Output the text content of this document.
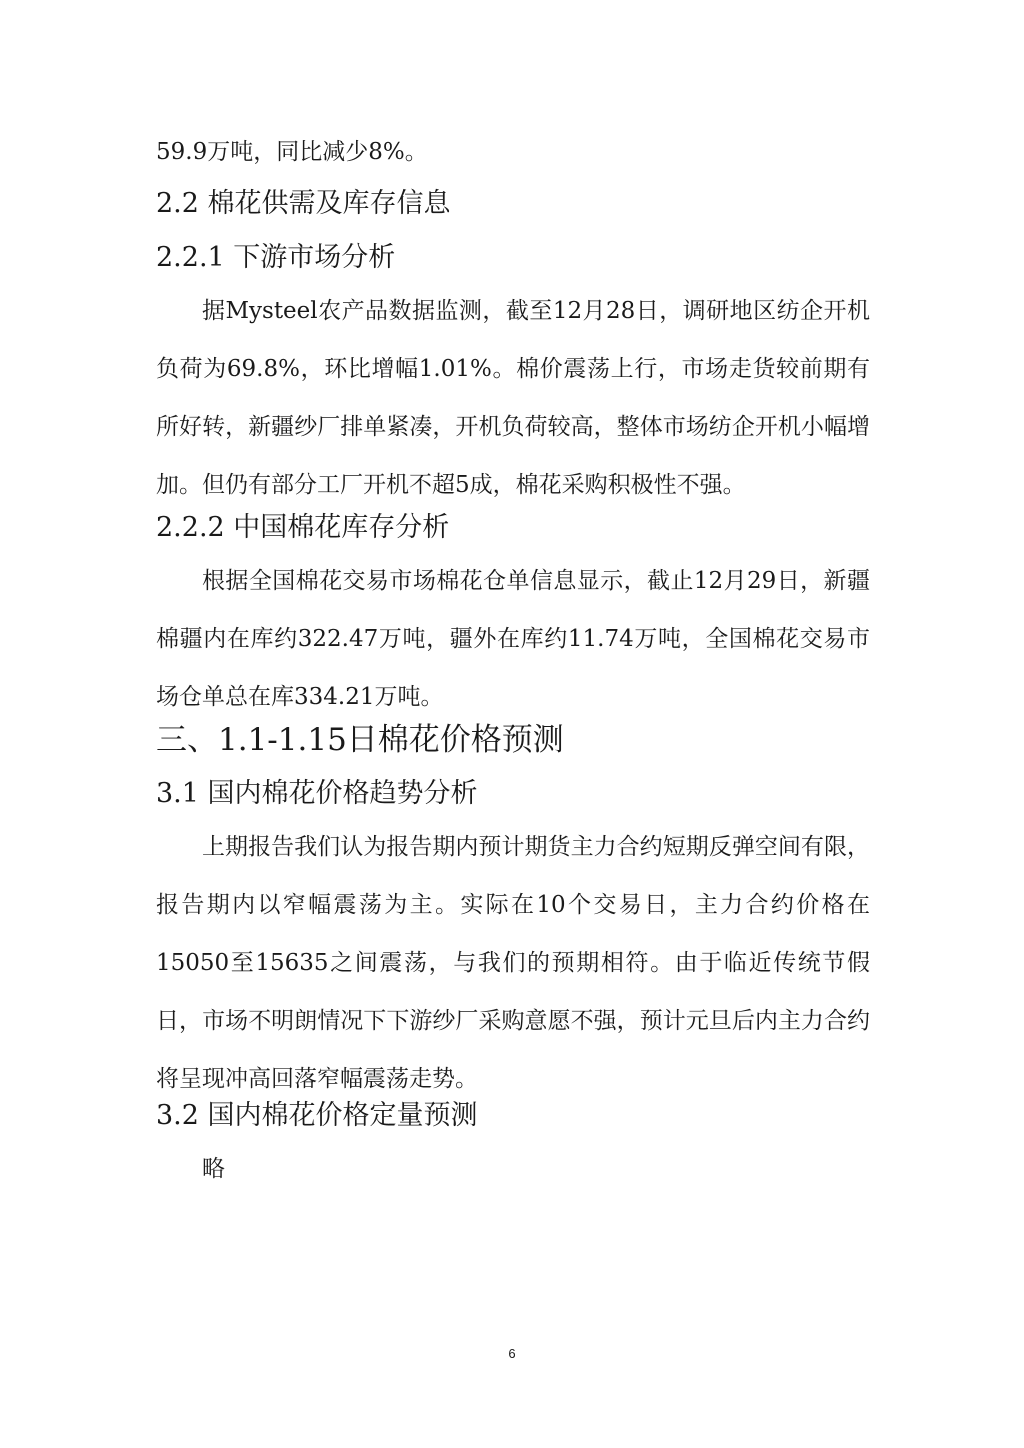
59.9万吨，同比减少8%。
2.2 棉花供需及库存信息
2.2.1 下游市场分析
据Mysteel农产品数据监测，截至12月28日，调研地区纺企开机负荷为69.8%，环比增幅1.01%。棉价震荡上行，市场走货较前期有所好转，新疆纱厂排单紧凑，开机负荷较高，整体市场纺企开机小幅增加。但仍有部分工厂开机不超5成，棉花采购积极性不强。
2.2.2 中国棉花库存分析
根据全国棉花交易市场棉花仓单信息显示，截止12月29日，新疆棉疆内在库约322.47万吨，疆外在库约11.74万吨，全国棉花交易市场仓单总在库334.21万吨。
三、1.1-1.15日棉花价格预测
3.1 国内棉花价格趋势分析
上期报告我们认为报告期内预计期货主力合约短期反弹空间有限，报告期内以窄幅震荡为主。实际在10个交易日，主力合约价格在15050至15635之间震荡，与我们的预期相符。由于临近传统节假日，市场不明朗情况下下游纱厂采购意愿不强，预计元旦后内主力合约将呈现冲高回落窄幅震荡走势。
3.2 国内棉花价格定量预测
略
6
